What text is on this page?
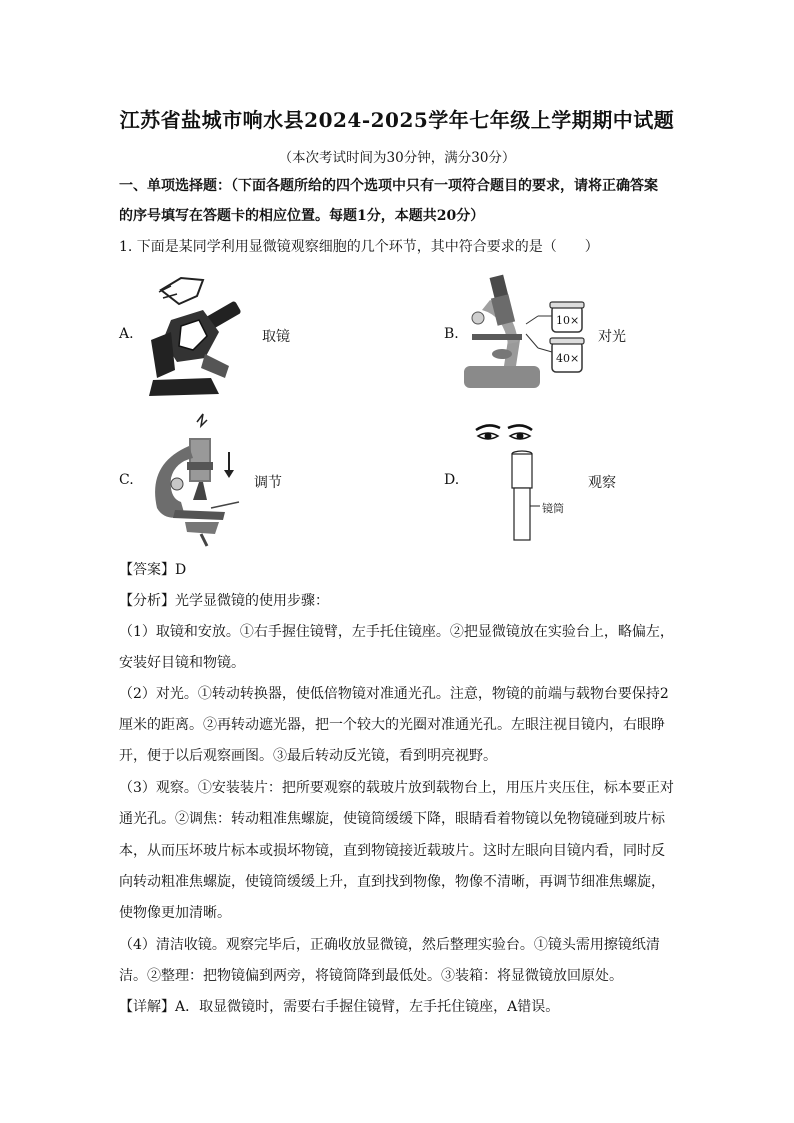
江苏省盐城市响水县2024-2025学年七年级上学期期中试题
（本次考试时间为30分钟，满分30分）
一、单项选择题：（下面各题所给的四个选项中只有一项符合题目的要求，请将正确答案
的序号填写在答题卡的相应位置。每题1分，本题共20分）
1. 下面是某同学利用显微镜观察细胞的几个环节，其中符合要求的是（　　）
A.	取镜	B.
10×
40×
对光
C.	调节	D.
镜筒
观察
【答案】D
【分析】光学显微镜的使用步骤：
（1）取镜和安放。①右手握住镜臂，左手托住镜座。②把显微镜放在实验台上，略偏左，
安装好目镜和物镜。
（2）对光。①转动转换器，使低倍物镜对准通光孔。注意，物镜的前端与载物台要保持2
厘米的距离。②再转动遮光器，把一个较大的光圈对准通光孔。左眼注视目镜内，右眼睁
开，便于以后观察画图。③最后转动反光镜，看到明亮视野。
（3）观察。①安装装片：把所要观察的载玻片放到载物台上，用压片夹压住，标本要正对
通光孔。②调焦：转动粗准焦螺旋，使镜筒缓缓下降，眼睛看着物镜以免物镜碰到玻片标
本，从而压坏玻片标本或损坏物镜，直到物镜接近载玻片。这时左眼向目镜内看，同时反
向转动粗准焦螺旋，使镜筒缓缓上升，直到找到物像，物像不清晰，再调节细准焦螺旋，
使物像更加清晰。
（4）清洁收镜。观察完毕后，正确收放显微镜，然后整理实验台。①镜头需用擦镜纸清
洁。②整理：把物镜偏到两旁，将镜筒降到最低处。③装箱：将显微镜放回原处。
【详解】A．取显微镜时，需要右手握住镜臂，左手托住镜座，A错误。
